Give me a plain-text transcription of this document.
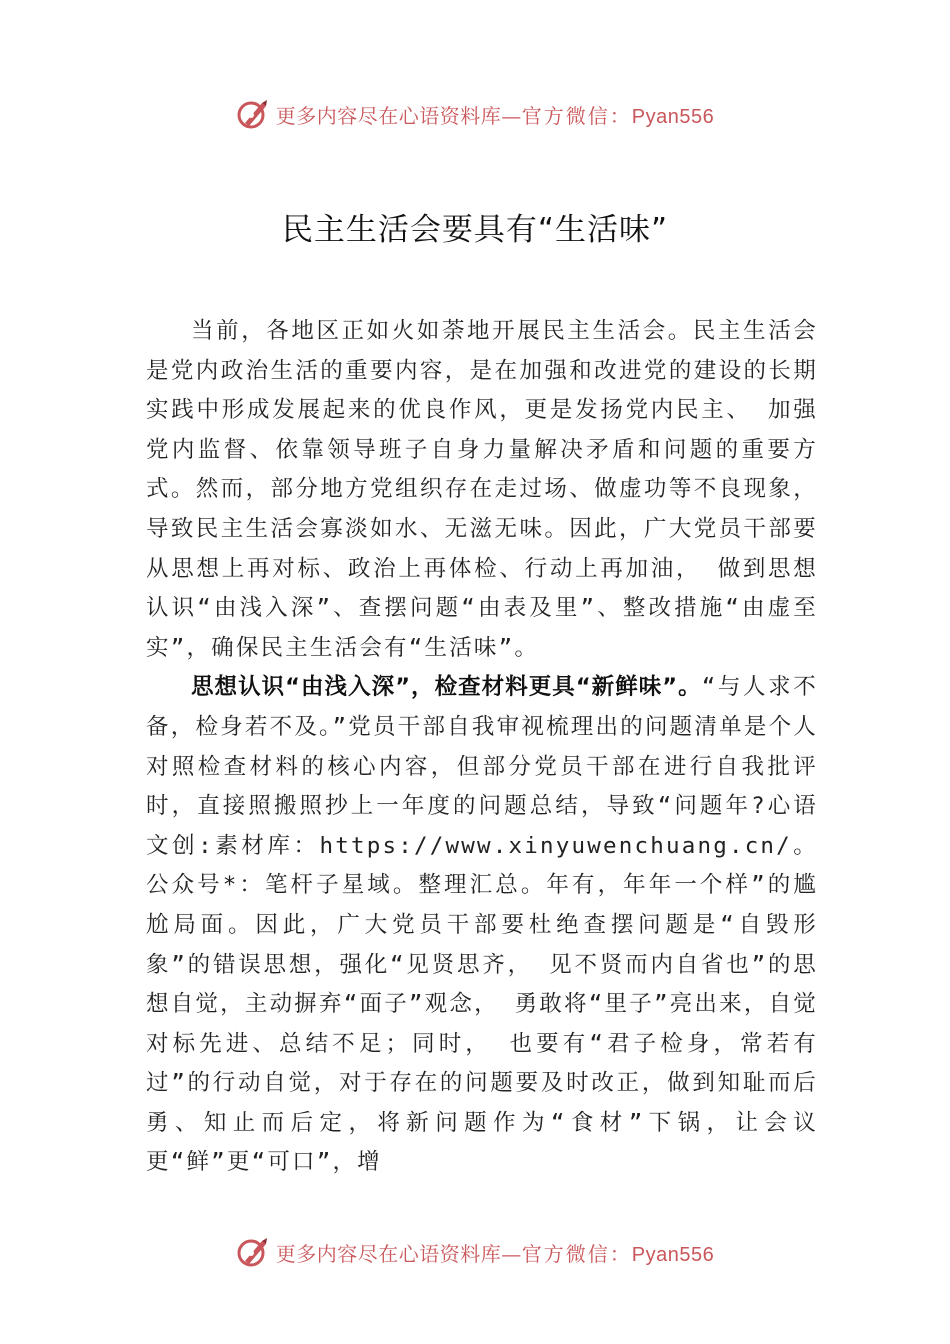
更多内容尽在心语资料库—官方微信：Pyan556
民主生活会要具有“生活味”

当前，各地区正如火如荼地开展民主生活会。民主生活会是党内政治生活的重要内容，是在加强和改进党的建设的长期实践中形成发展起来的优良作风，更是发扬党内民主、 加强党内监督、依靠领导班子自身力量解决矛盾和问题的重要方式。然而，部分地方党组织存在走过场、做虚功等不良现象，导致民主生活会寡淡如水、无滋无味。因此，广大党员干部要从思想上再对标、政治上再体检、行动上再加油， 做到思想认识“由浅入深”、查摆问题“由表及里”、整改措施“由虚至实”，确保民主生活会有“生活味”。

思想认识“由浅入深”，检查材料更具“新鲜味”。“与人求不备，检身若不及。”党员干部自我审视梳理出的问题清单是个人对照检查材料的核心内容，但部分党员干部在进行自我批评时，直接照搬照抄上一年度的问题总结，导致“问题年?心语文创:素材库：https://www.xinyuwenchuang.cn/。公众号*：笔杆子星域。整理汇总。年有，年年一个样”的尴尬局面。因此，广大党员干部要杜绝查摆问题是“自毁形象”的错误思想，强化“见贤思齐， 见不贤而内自省也”的思想自觉，主动摒弃“面子”观念， 勇敢将“里子”亮出来，自觉对标先进、总结不足；同时， 也要有“君子检身，常若有过”的行动自觉，对于存在的问题要及时改正，做到知耻而后勇、知止而后定，将新问题作为“食材”下锅，让会议更“鲜”更“可口”，增

更多内容尽在心语资料库—官方微信：Pyan556
